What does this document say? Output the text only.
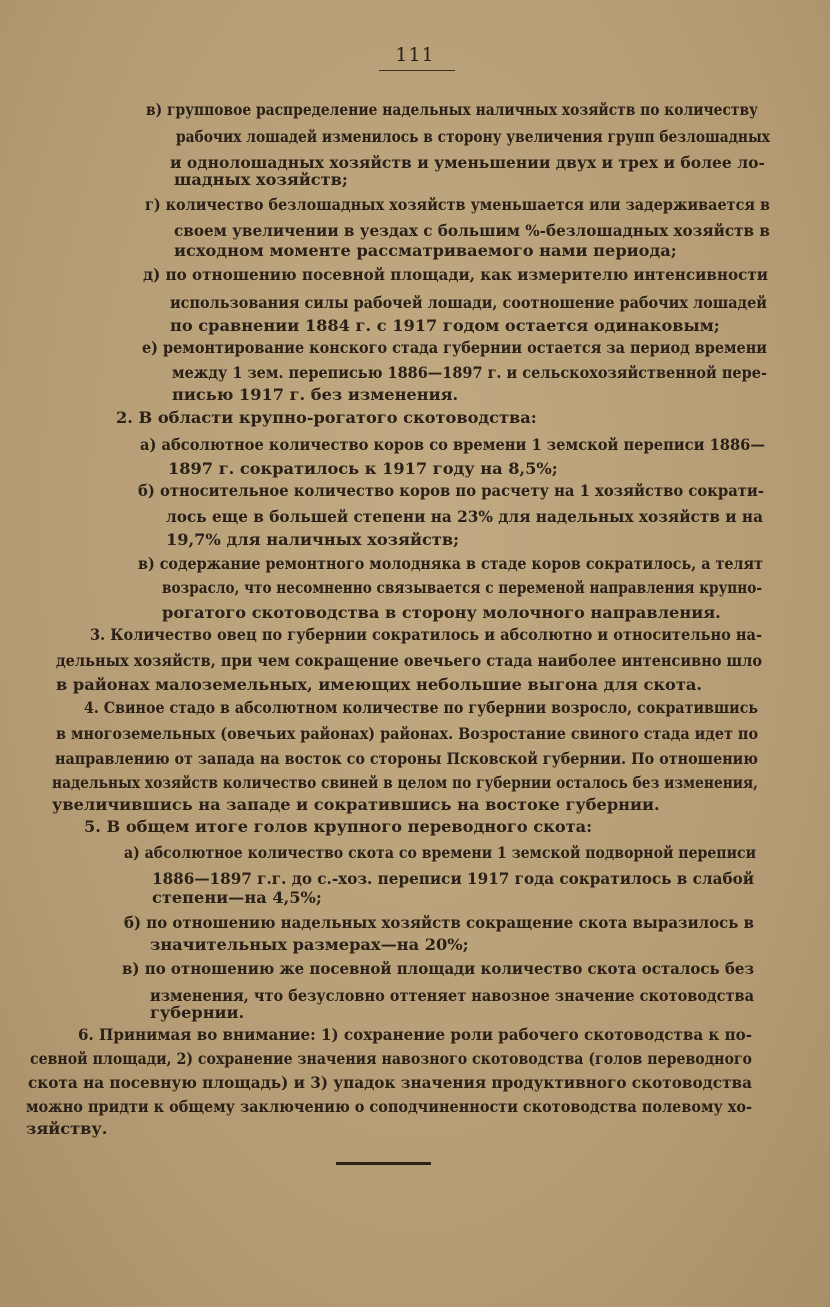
111
в) групповое распределение надельных наличных хозяйств по количеству
рабочих лошадей изменилось в сторону увеличения групп безлошадных
и однолошадных хозяйств и уменьшении двух и трех и более ло-
шадных хозяйств;
г) количество безлошадных хозяйств уменьшается или задерживается в
своем увеличении в уездах с большим %-безлошадных хозяйств в
исходном моменте рассматриваемого нами периода;
д) по отношению посевной площади, как измерителю интенсивности
использования силы рабочей лошади, соотношение рабочих лошадей
по сравнении 1884 г. с 1917 годом остается одинаковым;
е) ремонтирование конского стада губернии остается за период времени
между 1 зем. переписью 1886—1897 г. и сельскохозяйственной пере-
писью 1917 г. без изменения.
2. В области крупно-рогатого скотоводства:
а) абсолютное количество коров со времени 1 земской переписи 1886—
1897 г. сократилось к 1917 году на 8,5%;
б) относительное количество коров по расчету на 1 хозяйство сократи-
лось еще в большей степени на 23% для надельных хозяйств и на
19,7% для наличных хозяйств;
в) содержание ремонтного молодняка в стаде коров сократилось, а телят
возрасло, что несомненно связывается с переменой направления крупно-
рогатого скотоводства в сторону молочного направления.
3. Количество овец по губернии сократилось и абсолютно и относительно на-
дельных хозяйств, при чем сокращение овечьего стада наиболее интенсивно шло
в районах малоземельных, имеющих небольшие выгона для скота.
4. Свиное стадо в абсолютном количестве по губернии возросло, сократившись
в многоземельных (овечьих районах) районах. Возростание свиного стада идет по
направлению от запада на восток со стороны Псковской губернии. По отношению
надельных хозяйств количество свиней в целом по губернии осталось без изменения,
увеличившись на западе и сократившись на востоке губернии.
5. В общем итоге голов крупного переводного скота:
а) абсолютное количество скота со времени 1 земской подворной переписи
1886—1897 г.г. до с.-хоз. переписи 1917 года сократилось в слабой
степени—на 4,5%;
б) по отношению надельных хозяйств сокращение скота выразилось в
значительных размерах—на 20%;
в) по отношению же посевной площади количество скота осталось без
изменения, что безусловно оттеняет навозное значение скотоводства
губернии.
6. Принимая во внимание: 1) сохранение роли рабочего скотоводства к по-
севной площади, 2) сохранение значения навозного скотоводства (голов переводного
скота на посевную площадь) и 3) упадок значения продуктивного скотоводства
можно придти к общему заключению о соподчиненности скотоводства полевому хо-
зяйству.
